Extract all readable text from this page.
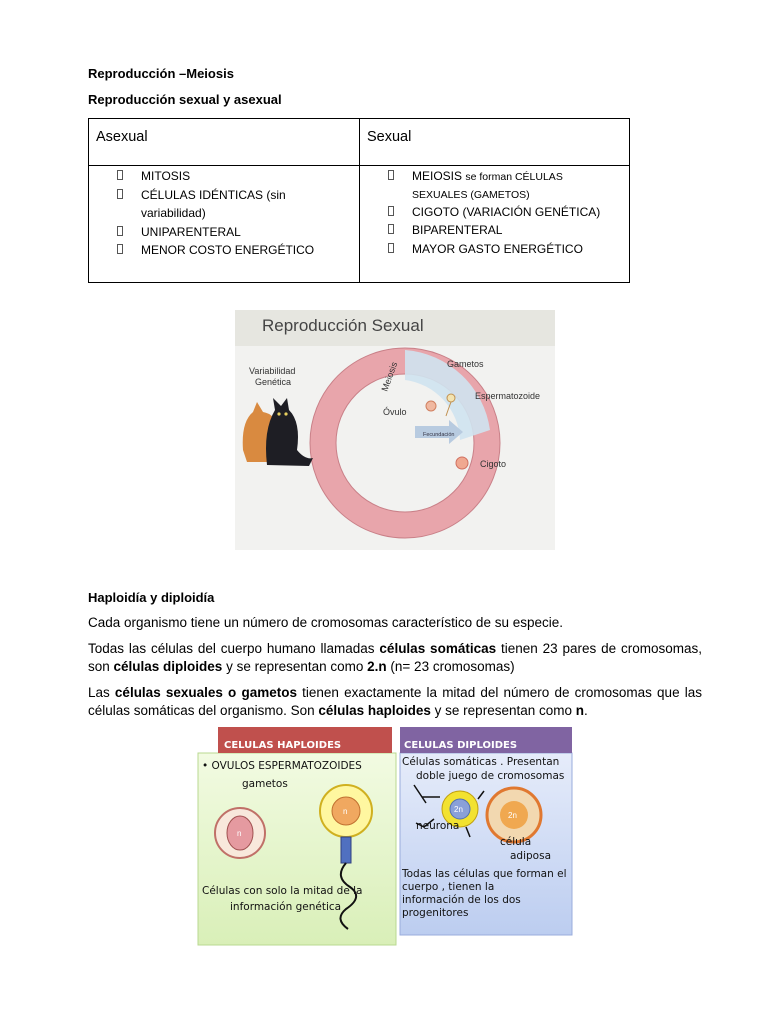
Reproducción –Meiosis
Reproducción sexual y asexual
Asexual	Sexual
MITOSIS
CÉLULAS IDÉNTICAS (sin
variabilidad)
UNIPARENTERAL
MENOR COSTO ENERGÉTICO
MEIOSIS se forman CÉLULAS
SEXUALES (GAMETOS)
CIGOTO (VARIACIÓN GENÉTICA)
BIPARENTERAL
MAYOR GASTO ENERGÉTICO
Reproducción Sexual
Fecundación
Meiosis	Gametos
Espermatozoide
Óvulo
Cigoto
Variabilidad
Genética
Haploidía y diploidía
Cada organismo tiene un número de cromosomas característico de su especie.
Todas las células del cuerpo humano llamadas células somáticas tienen 23 pares de cromosomas, son células diploides y se representan como 2.n (n= 23 cromosomas)
Las células sexuales o gametos tienen exactamente la mitad del número de cromosomas que las células somáticas del organismo. Son células haploides y se representan como n.
CELULAS HAPLOIDES
• OVULOS ESPERMATOZOIDES
gametos
n
n
Células con solo la mitad de la
información genética
CELULAS DIPLOIDES
Células somáticas . Presentan
doble juego de cromosomas
2n
neurona
2n
célula
adiposa
Todas las células que forman el
cuerpo , tienen la
información de los dos
progenitores
